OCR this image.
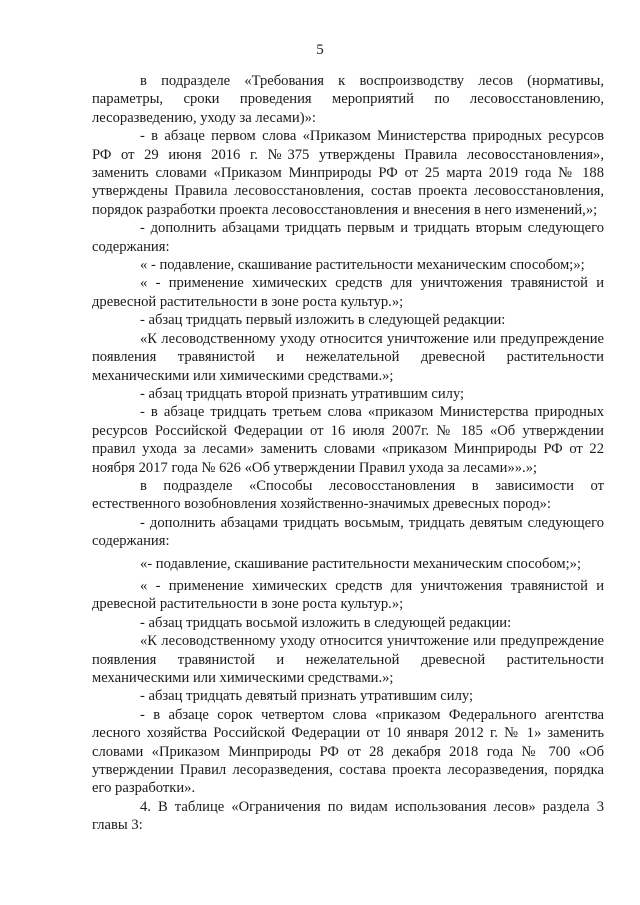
5

в подразделе «Требования к воспроизводству лесов (нормативы, параметры, сроки проведения мероприятий по лесовосстановлению, лесоразведению, уходу за лесами)»:

- в абзаце первом слова «Приказом Министерства природных ресурсов РФ от 29 июня 2016 г. №375 утверждены Правила лесовосстановления», заменить словами «Приказом Минприроды РФ от 25 марта 2019 года № 188 утверждены Правила лесовосстановления, состав проекта лесовосстановления, порядок разработки проекта лесовосстановления и внесения в него изменений,»;

- дополнить абзацами тридцать первым и тридцать вторым следующего содержания:

« - подавление, скашивание растительности механическим способом;»;

« - применение химических средств для уничтожения травянистой и древесной растительности в зоне роста культур.»;

- абзац тридцать первый изложить в следующей редакции:

«К лесоводственному уходу относится уничтожение или предупреждение появления травянистой и нежелательной древесной растительности механическими или химическими средствами.»;

- абзац тридцать второй признать утратившим силу;

- в абзаце тридцать третьем слова «приказом Министерства природных ресурсов Российской Федерации от 16 июля 2007г. № 185 «Об утверждении правил ухода за лесами» заменить словами «приказом Минприроды РФ от 22 ноября 2017 года № 626 «Об утверждении Правил ухода за лесами»».»;

в подразделе «Способы лесовосстановления в зависимости от естественного возобновления хозяйственно-значимых древесных пород»:

- дополнить абзацами тридцать восьмым, тридцать девятым следующего содержания:

«- подавление, скашивание растительности механическим способом;»;

« - применение химических средств для уничтожения травянистой и древесной растительности в зоне роста культур.»;

- абзац тридцать восьмой изложить в следующей редакции:

«К лесоводственному уходу относится уничтожение или предупреждение появления травянистой и нежелательной древесной растительности механическими или химическими средствами.»;

- абзац тридцать девятый признать утратившим силу;

- в абзаце сорок четвертом слова «приказом Федерального агентства лесного хозяйства Российской Федерации от 10 января 2012 г. № 1» заменить словами «Приказом Минприроды РФ от 28 декабря 2018 года № 700 «Об утверждении Правил лесоразведения, состава проекта лесоразведения, порядка его разработки».

4. В таблице «Ограничения по видам использования лесов» раздела 3 главы 3:
